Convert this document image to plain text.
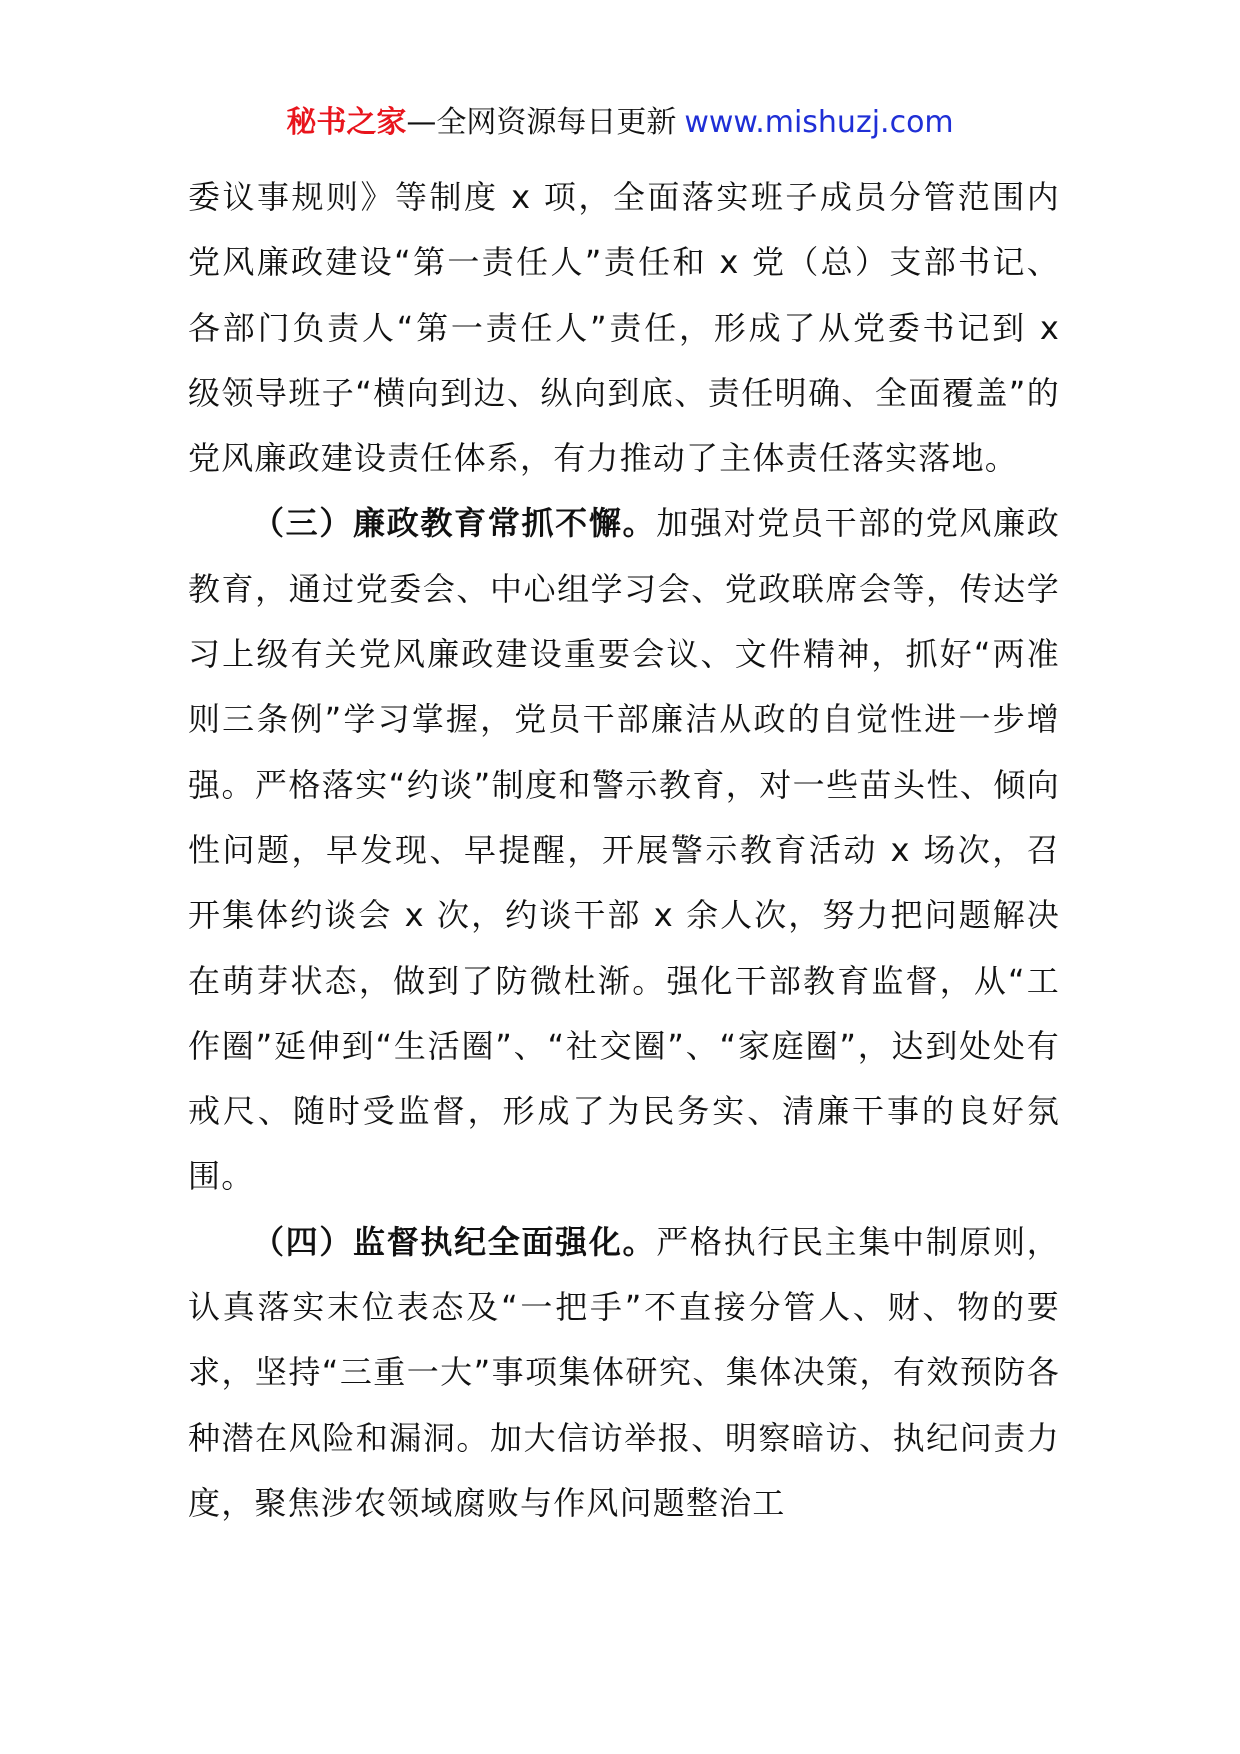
秘书之家—全网资源每日更新 www.mishuzj.com

委议事规则》等制度 x 项，全面落实班子成员分管范围内党风廉政建设“第一责任人”责任和 x 党（总）支部书记、各部门负责人“第一责任人”责任，形成了从党委书记到 x 级领导班子“横向到边、纵向到底、责任明确、全面覆盖”的党风廉政建设责任体系，有力推动了主体责任落实落地。

（三）廉政教育常抓不懈。加强对党员干部的党风廉政教育，通过党委会、中心组学习会、党政联席会等，传达学习上级有关党风廉政建设重要会议、文件精神，抓好“两准则三条例”学习掌握，党员干部廉洁从政的自觉性进一步增强。严格落实“约谈”制度和警示教育，对一些苗头性、倾向性问题，早发现、早提醒，开展警示教育活动 x 场次，召开集体约谈会 x 次，约谈干部 x 余人次，努力把问题解决在萌芽状态，做到了防微杜渐。强化干部教育监督，从“工作圈”延伸到“生活圈”、“社交圈”、“家庭圈”，达到处处有戒尺、随时受监督，形成了为民务实、清廉干事的良好氛围。

（四）监督执纪全面强化。严格执行民主集中制原则，认真落实末位表态及“一把手”不直接分管人、财、物的要求，坚持“三重一大”事项集体研究、集体决策，有效预防各种潜在风险和漏洞。加大信访举报、明察暗访、执纪问责力度，聚焦涉农领域腐败与作风问题整治工
